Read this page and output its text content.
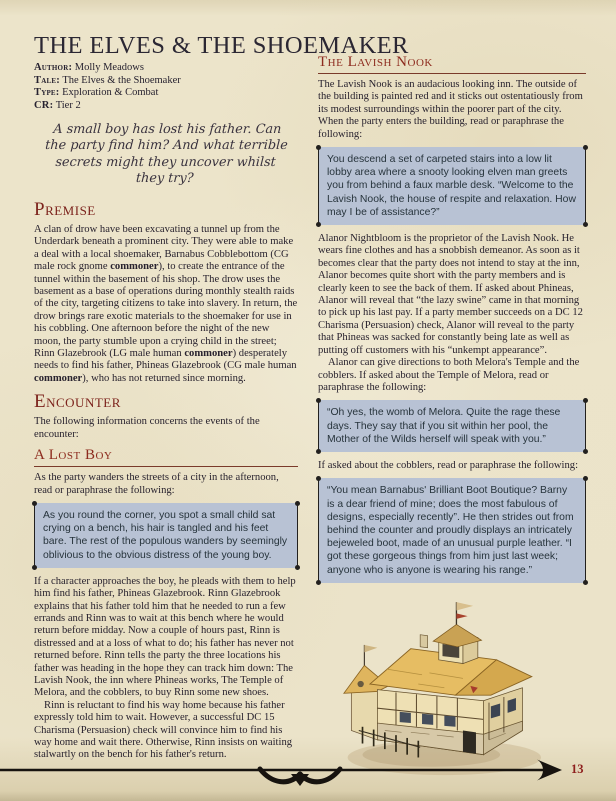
THE ELVES & THE SHOEMAKER
Author: Molly Meadows
Tale: The Elves & the Shoemaker
Type: Exploration & Combat
CR: Tier 2

A small boy has lost his father. Can the party find him? And what terrible secrets might they uncover whilst they try?

Premise

A clan of drow have been excavating a tunnel up from the Underdark beneath a prominent city. They were able to make a deal with a local shoemaker, Barnabus Cobblebottom (CG male rock gnome commoner), to create the entrance of the tunnel within the basement of his shop. The drow uses the basement as a base of operations during monthly stealth raids of the city, targeting citizens to take into slavery. In return, the drow brings rare exotic materials to the shoemaker for use in his cobbling. One afternoon before the night of the new moon, the party stumble upon a crying child in the street; Rinn Glazebrook (LG male human commoner) desperately needs to find his father, Phineas Glazebrook (CG male human commoner), who has not returned since morning.

Encounter

The following information concerns the events of the encounter:

A Lost Boy

As the party wanders the streets of a city in the afternoon, read or paraphrase the following:

As you round the corner, you spot a small child sat crying on a bench, his hair is tangled and his feet bare. The rest of the populous wanders by seemingly oblivious to the obvious distress of the young boy.

If a character approaches the boy, he pleads with them to help him find his father, Phineas Glazebrook. Rinn Glazebrook explains that his father told him that he needed to run a few errands and Rinn was to wait at this bench where he would return before midday. Now a couple of hours past, Rinn is distressed and at a loss of what to do; his father has never not returned before. Rinn tells the party the three locations his father was heading in the hope they can track him down: The Lavish Nook, the inn where Phineas works, The Temple of Melora, and the cobblers, to buy Rinn some new shoes.

Rinn is reluctant to find his way home because his father expressly told him to wait. However, a successful DC 15 Charisma (Persuasion) check will convince him to find his way home and wait there. Otherwise, Rinn insists on waiting stalwartly on the bench for his father's return.

The Lavish Nook

The Lavish Nook is an audacious looking inn. The outside of the building is painted red and it sticks out ostentatiously from its modest surroundings within the poorer part of the city. When the party enters the building, read or paraphrase the following:

You descend a set of carpeted stairs into a low lit lobby area where a snooty looking elven man greets you from behind a faux marble desk. “Welcome to the Lavish Nook, the house of respite and relaxation. How may I be of assistance?”

Alanor Nightbloom is the proprietor of the Lavish Nook. He wears fine clothes and has a snobbish demeanor. As soon as it becomes clear that the party does not intend to stay at the inn, Alanor becomes quite short with the party members and is clearly keen to see the back of them. If asked about Phineas, Alanor will reveal that “the lazy swine” came in that morning to pick up his last pay. If a party member succeeds on a DC 12 Charisma (Persuasion) check, Alanor will reveal to the party that Phineas was sacked for constantly being late as well as putting off customers with his “unkempt appearance”.

Alanor can give directions to both Melora's Temple and the cobblers. If asked about the Temple of Melora, read or paraphrase the following:

“Oh yes, the womb of Melora. Quite the rage these days. They say that if you sit within her pool, the Mother of the Wilds herself will speak with you.”

If asked about the cobblers, read or paraphrase the following:

“You mean Barnabus' Brilliant Boot Boutique? Barny is a dear friend of mine; does the most fabulous of designs, especially recently”. He then strides out from behind the counter and proudly displays an intricately bejeweled boot, made of an unusual purple leather. “I got these gorgeous things from him just last week; anyone who is anyone is wearing his range.”
13
